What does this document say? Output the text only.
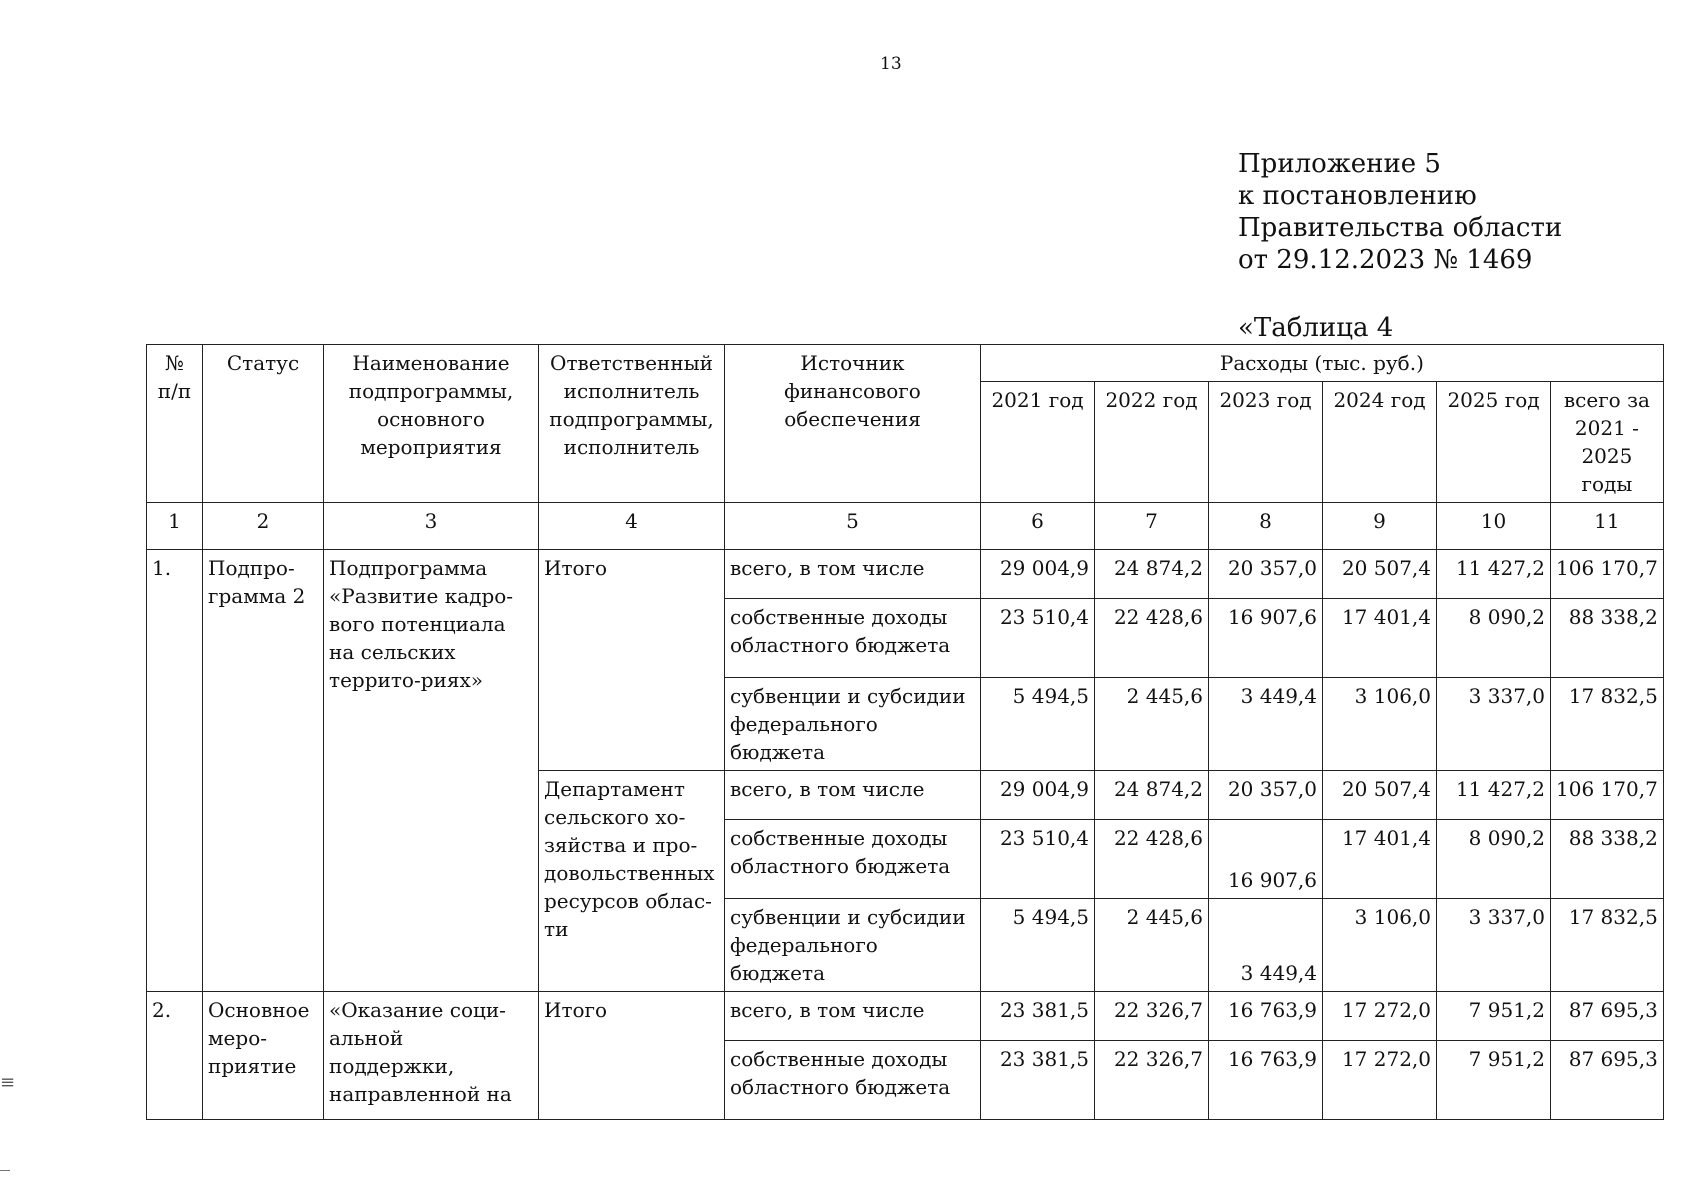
13
Приложение 5
к постановлению
Правительства области
от 29.12.2023 № 1469
«Таблица 4
№ п/п	Статус	Наименование подпрограммы, основного мероприятия	Ответственный исполнитель подпрограммы, исполнитель	Источник финансового обеспечения	Расходы (тыс. руб.)					
					2021 год	2022 год	2023 год	2024 год	2025 год	всего за 2021 - 2025 годы
1	2	3	4	5	6	7	8	9	10	11
1.	Подпро-грамма 2	Подпрограмма «Развитие кадро-вого потенциала на сельских террито-риях»	Итого	всего, в том числе	29 004,9	24 874,2	20 357,0	20 507,4	11 427,2	106 170,7
				собственные доходы областного бюджета	23 510,4	22 428,6	16 907,6	17 401,4	8 090,2	88 338,2
				субвенции и субсидии федерального бюджета	5 494,5	2 445,6	3 449,4	3 106,0	3 337,0	17 832,5
			Департамент сельского хо-зяйства и про-довольственных ресурсов облас-ти	всего, в том числе	29 004,9	24 874,2	20 357,0	20 507,4	11 427,2	106 170,7
				собственные доходы областного бюджета	23 510,4	22 428,6	16 907,6	17 401,4	8 090,2	88 338,2
				субвенции и субсидии федерального бюджета	5 494,5	2 445,6	3 449,4	3 106,0	3 337,0	17 832,5
2.	Основное меро-приятие	«Оказание соци-альной поддержки, направленной на	Итого	всего, в том числе	23 381,5	22 326,7	16 763,9	17 272,0	7 951,2	87 695,3
				собственные доходы областного бюджета	23 381,5	22 326,7	16 763,9	17 272,0	7 951,2	87 695,3
≡
